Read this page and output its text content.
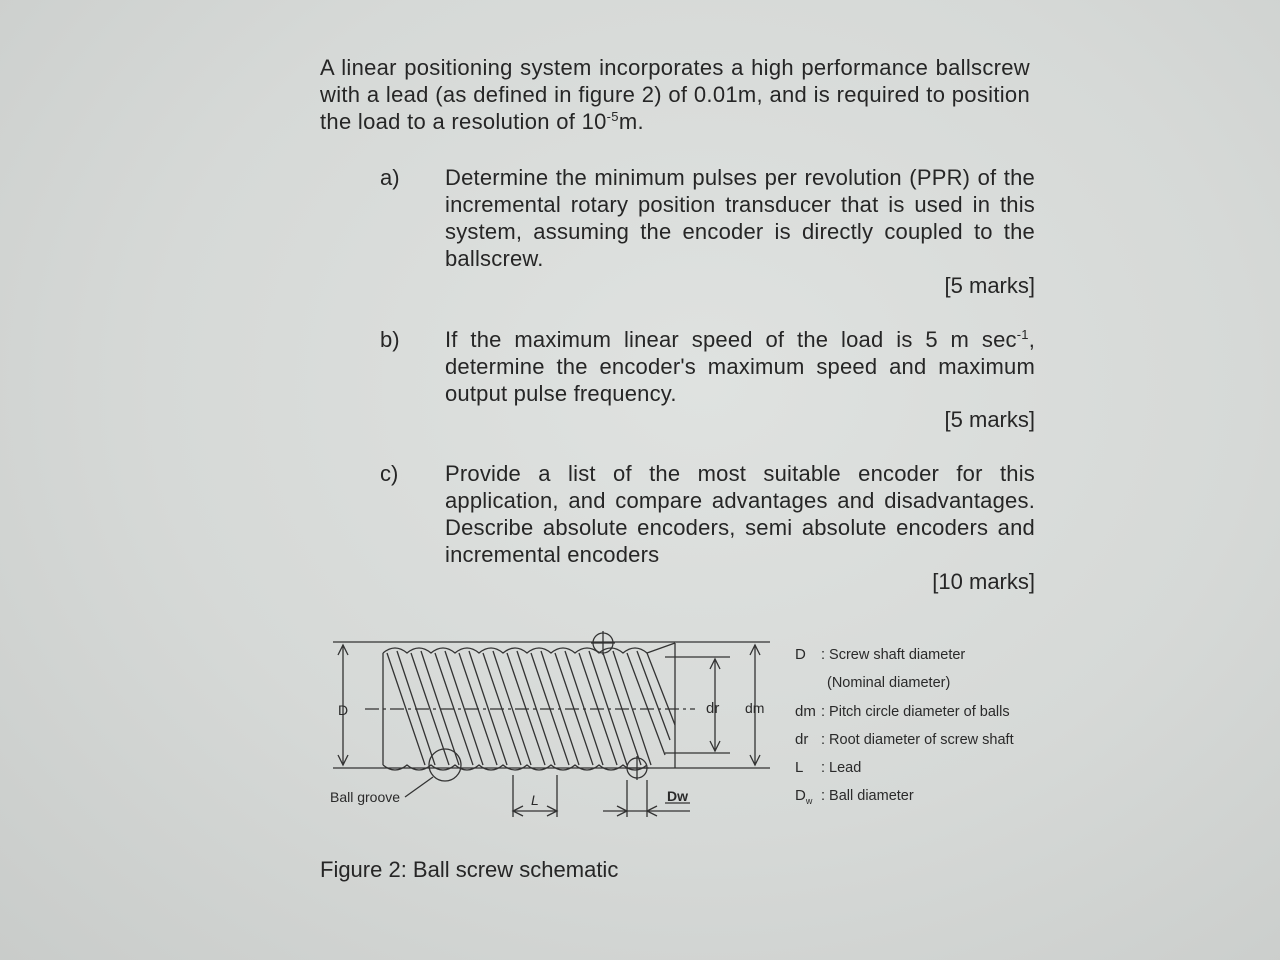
A linear positioning system incorporates a high performance ballscrew with a lead (as defined in figure 2) of 0.01m, and is required to position the load to a resolution of $10^{-5}m$.
a) Determine the minimum pulses per revolution (PPR) of the incremental rotary position transducer that is used in this system, assuming the encoder is directly coupled to the ballscrew.
[5 marks]
b) If the maximum linear speed of the load is 5 m $\sec^{-1}$, determine the encoder's maximum speed and maximum output pulse frequency.
[5 marks]
c) Provide a list of the most suitable encoder for this application, and compare advantages and disadvantages. Describe absolute encoders, semi absolute encoders and incremental encoders
[10 marks]
D	dr dm
L	Dw
Ball groove
D : Screw shaft diameter
(Nominal diameter)
dm : Pitch circle diameter of balls
dr : Root diameter of screw shaft
L : Lead
$D_w$ : Ball diameter
Figure 2: Ball screw schematic
